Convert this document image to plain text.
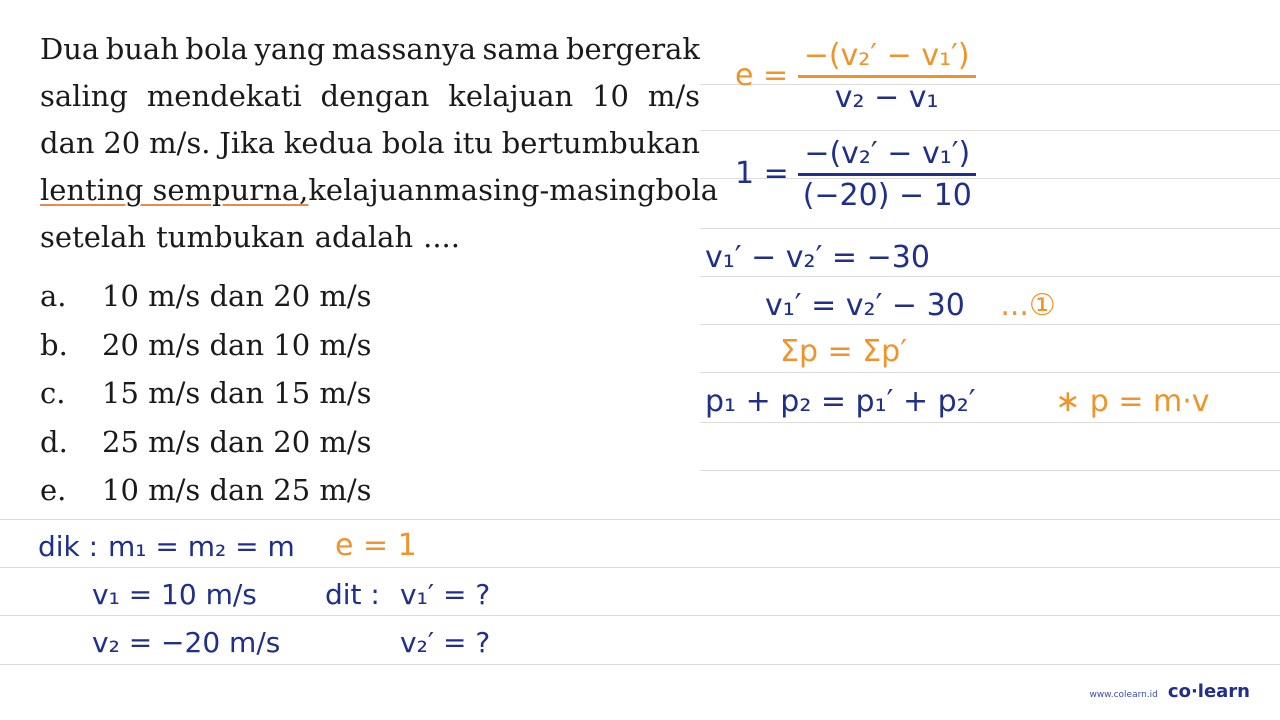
Dua buah bola yang massanya sama bergerak
saling mendekati dengan kelajuan 10 m/s
dan 20 m/s. Jika kedua bola itu bertumbukan
lenting sempurna, kelajuan masing-masing bola
setelah tumbukan adalah ....
a. 10 m/s dan 20 m/s
b. 20 m/s dan 10 m/s
c. 15 m/s dan 15 m/s
d. 25 m/s dan 20 m/s
e. 10 m/s dan 25 m/s
$e = \frac{\text{−(v₂′ − v₁′)}}{\text{v₂ − v₁}}$
$1 = \frac{\text{−(v₂′ − v₁′)}}{(-20) - 10}$
v₁′ − v₂′ = −30
v₁′ = v₂′ − 30 ...①
Σp = Σp′
p₁ + p₂ = p₁′ + p₂′	∗ p = m·v
dik : m₁ = m₂ = m e = 1
v₁ = 10 m/s dit : v₁′ = ?
v₂ = −20 m/s	v₂′ = ?
www.colearn.id co·learn
